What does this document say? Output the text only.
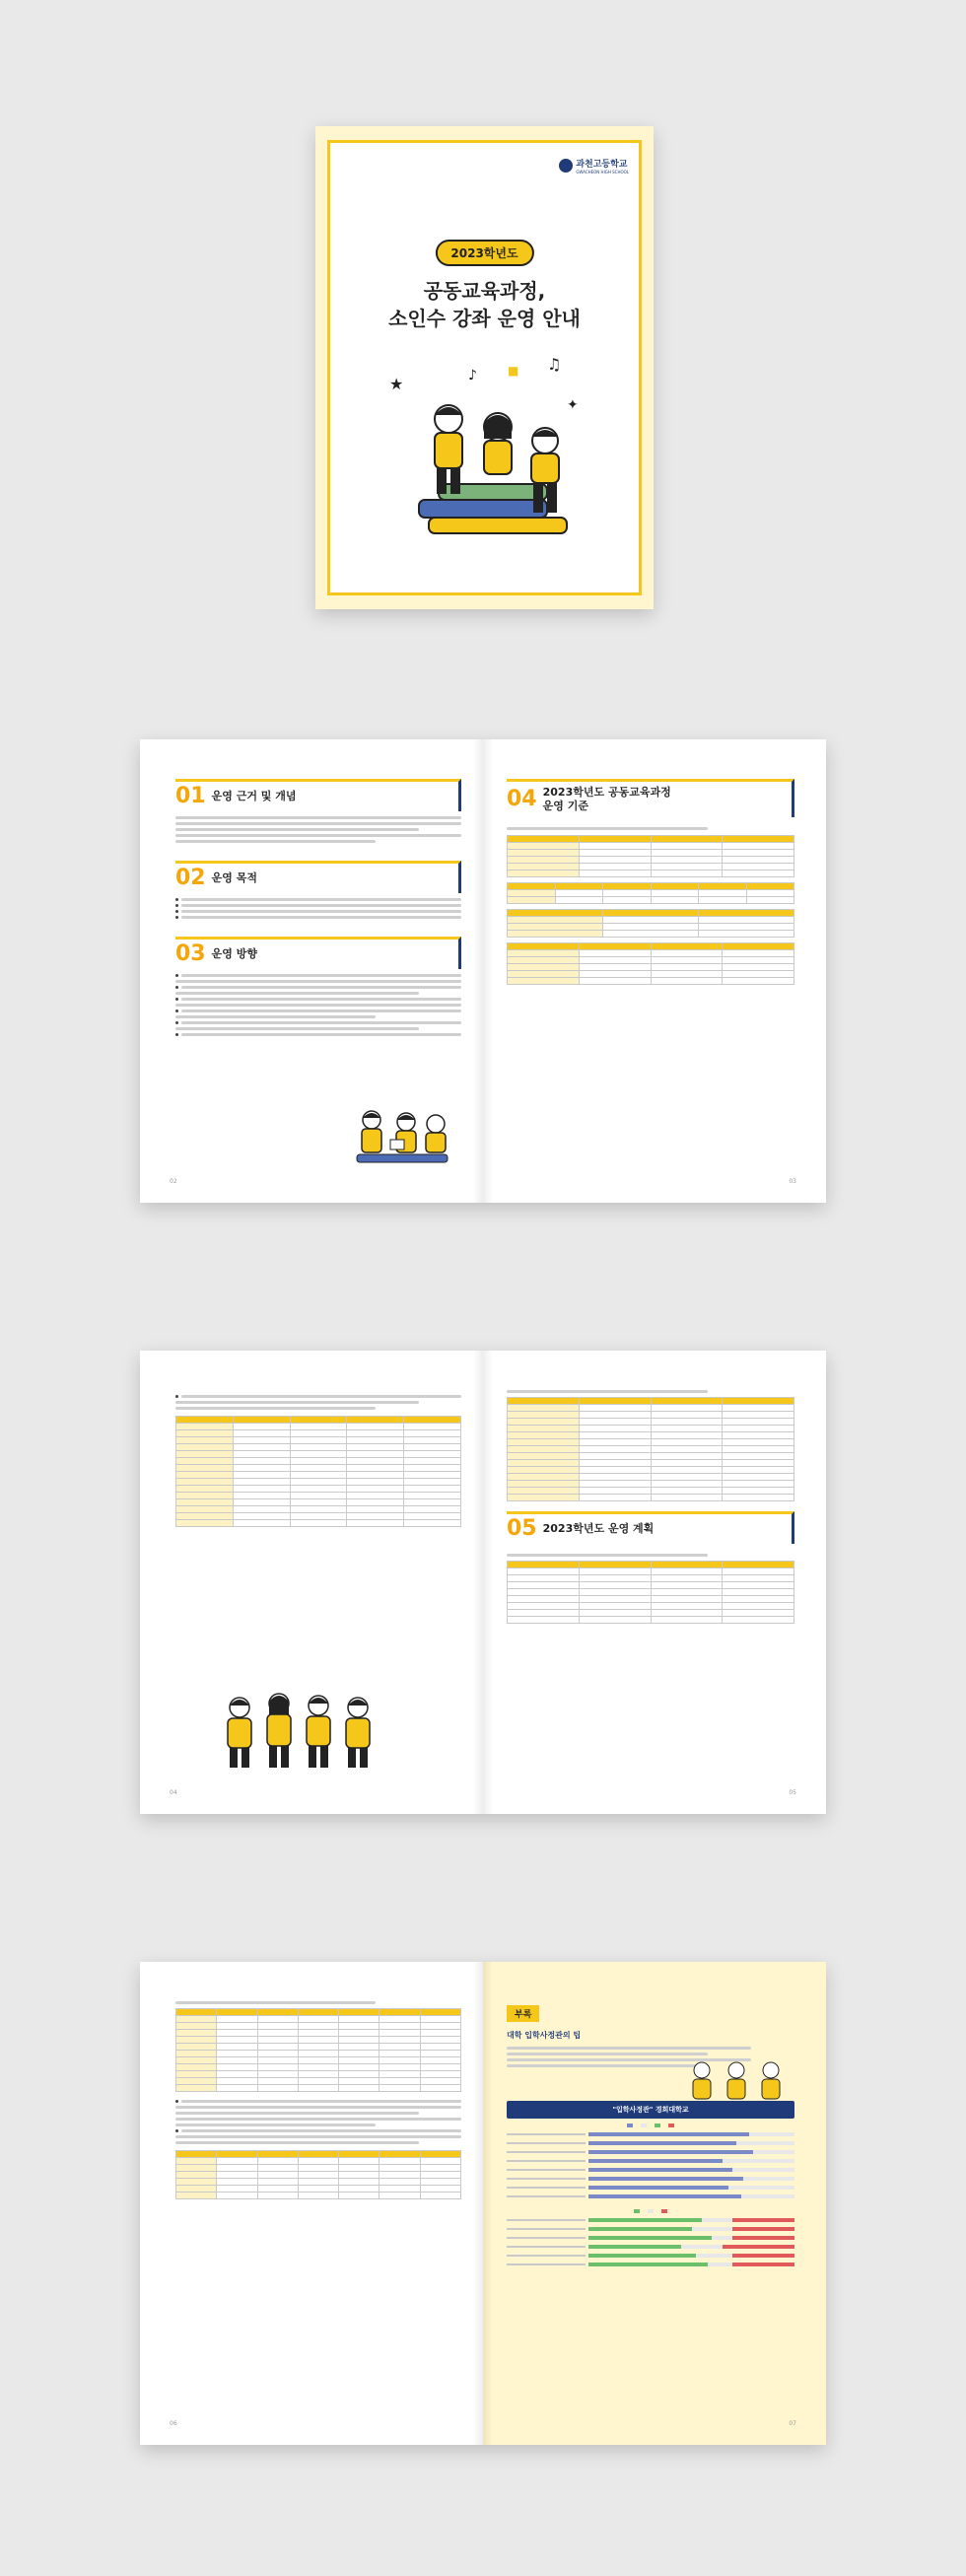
과천고등학교
GWACHEON HIGH SCHOOL
2023학년도
공동교육과정,
소인수 강좌 운영 안내
★	♪
♫
✦
■
01 운영 근거 및 개념
02 운영 목적
03 운영 방향
02
04 2023학년도 공동교육과정
운영 기준

03

04

05 2023학년도 운영 계획

05

06
부록
대학 입학사정관의 팁
"입학사정관" 경희대학교
07
